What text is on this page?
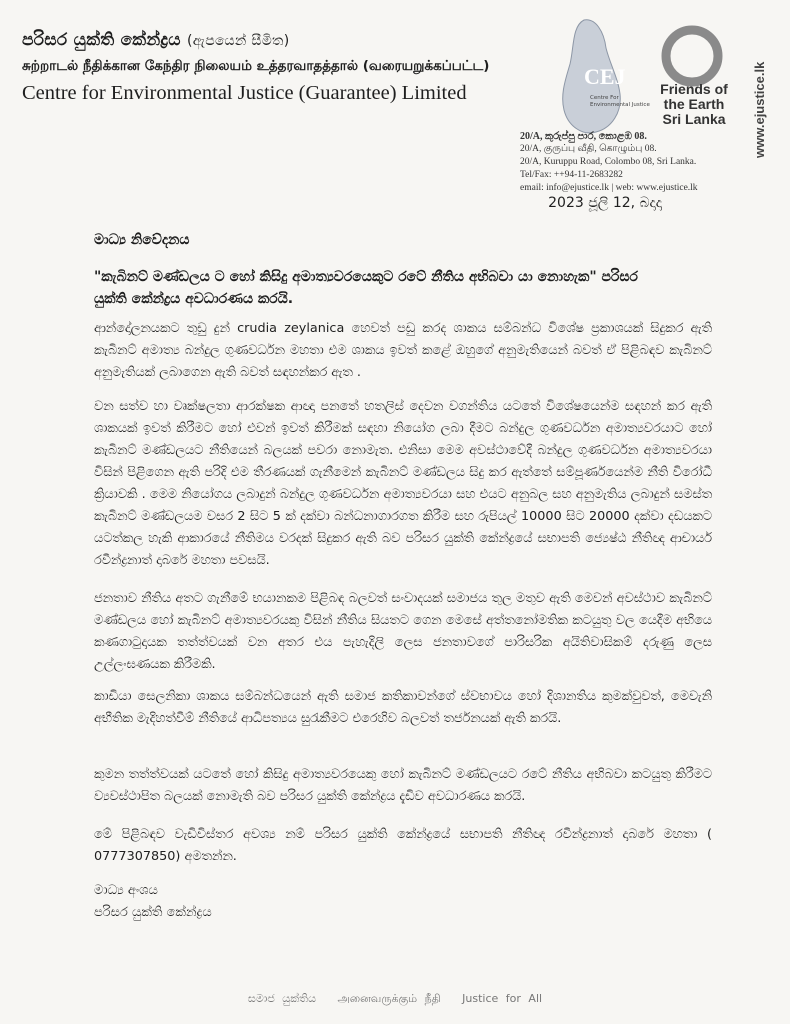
පරිසර යුක්ති කේන්ද්‍රය (ඇපයෙන් සීමිත)
சுற்றாடல் நீதிக்கான கேந்திர நிலையம் உத்தரவாதத்தால் (வரையறுக்கப்பட்ட)
Centre for Environmental Justice (Guarantee) Limited
CEJ
Centre For Environmental Justice
Friends of
the Earth
Sri Lanka	www.ejustice.lk
20/A, කුරුප්පු පාර, කොළඹ 08.
20/A, குருப்பு வீதி, கொழும்பு 08.
20/A, Kuruppu Road, Colombo 08, Sri Lanka.
Tel/Fax: ++94-11-2683282
email: info@ejustice.lk | web: www.ejustice.lk
2023 ජූලි 12, බදාදා
මාධ්‍ය නිවේදනය
"කැබිනට් මණ්ඩලය ට හෝ කිසිදු අමාත්‍යවරයෙකුට රටේ නීතිය අභිබවා යා නොහැක" පරිසර යුක්ති කේන්ද්‍රය අවධාරණය කරයි.
ආන්දෝලනයකට තුඩු දුන් crudia zeylanica හෙවත් පඩු කරද ශාකය සම්බන්ධ විශේෂ ප්‍රකාශයක් සිදුකර ඇති කැබිනට් අමාත්‍ය බන්දුල ගුණවර්ධන මහතා එම ශාකය ඉවත් කළේ ඔහුගේ අනුමැතියෙන් බවත් ඒ පිළිබඳව කැබිනට් අනුමැතියක් ලබාගෙන ඇති බවත් සඳහන්කර ඇත .
වන සත්ව හා වෘක්ෂලතා ආරක්ෂක ආඥා පනතේ හතලිස් දෙවන වගන්තිය යටතේ විශේෂයෙන්ම සඳහන් කර ඇති ශාකයක් ඉවත් කිරීමට හෝ එවන් ඉවත් කිරීමක් සඳහා නියෝග ලබා දීමට බන්දුල ගුණවර්ධන අමාත්‍යවරයාට හෝ කැබිනට් මණ්ඩලයට නීතියෙන් බලයක් පවරා නොමැත. එනිසා මෙම අවස්ථාවේදී බන්දුල ගුණවර්ධන අමාත්‍යවරයා විසින් පිළිගෙන ඇති පරිදි එම තීරණයක් ගැනීමෙන් කැබිනට් මණ්ඩලය සිදු කර ඇත්තේ සම්පූර්ණයෙන්ම නීති විරෝධී ක්‍රියාවකි . මෙම නියෝගය ලබාදුන් බන්දුල ගුණවර්ධන අමාත්‍යවරයා සහ එයට අනුබල සහ අනුමැතිය ලබාදුන් සමස්ත කැබිනට් මණ්ඩලයම වසර 2 සිට 5 ක් දක්වා බන්ධනාගාරගත කිරීම සහ රුපියල් 10000 සිට 20000 දක්වා දඩයකට යටත්කල හැකි ආකාරයේ නීතිමය වරදක් සිදුකර ඇති බව පරිසර යුක්ති කේන්ද්‍රයේ සභාපති ජ්‍යෙෂ්ඨ නීතිඥ ආචාර්ය රවීන්ද්‍රනාත් දාබරේ මහතා පවසයි.
ජනතාව නීතිය අතට ගැනීමේ භයානකම පිළිබඳ බලවත් සංවාදයක් සමාජය තුල මතුව ඇති මෙවන් අවස්ථාව කැබිනට් මණ්ඩලය හෝ කැබිනට් අමාත්‍යවරයකු විසින් නීතිය සියතට ගෙන මෙසේ අත්තනෝමතික කටයුතු වල යෙදීම අභියෙ කණගාටුදායක තත්ත්වයක් වන අතර එය පැහැදිලි ලෙස ජනතාවගේ පාරිසරික අයිතිවාසිකම් දරුණු ලෙස උල්ලංඝණයක කිරීමකි.
කාඩියා සෙලනිකා ශාකය සම්බන්ධයෙන් ඇති සමාජ කතිකාවන්ගේ ස්වභාවය හෝ දිශානතිය කුමක්වුවත්, මෙවැනි අභීතික මැදිහත්වීම් නීතියේ ආධිපත්‍යය සුරැකීමට එරෙහිව බලවත් තර්ජනයක් ඇති කරයි.
කුමන තත්ත්වයක් යටතේ හෝ කිසිදු අමාත්‍යවරයෙකු හෝ කැබිනට් මණ්ඩලයට රටේ නීතිය අභිබවා කටයුතු කිරීමට ව්‍යවස්ථාපිත බලයක් නොමැති බව පරිසර යුක්ති කේන්ද්‍රය දැඩිව අවධාරණය කරයි.
මේ පිළිබඳව වැඩිවිස්තර අවශ්‍ය නම් පරිසර යුක්ති කේන්ද්‍රයේ සභාපති නීතිඥ රවීන්ද්‍රනාත් දාබරේ මහතා ( 0777307850) අමතන්න.
මාධ්‍ය අංශය
පරිසර යුක්ති කේන්ද්‍රය
සමාජ යුක්තිය அனைவருக்கும் நீதி Justice for All
